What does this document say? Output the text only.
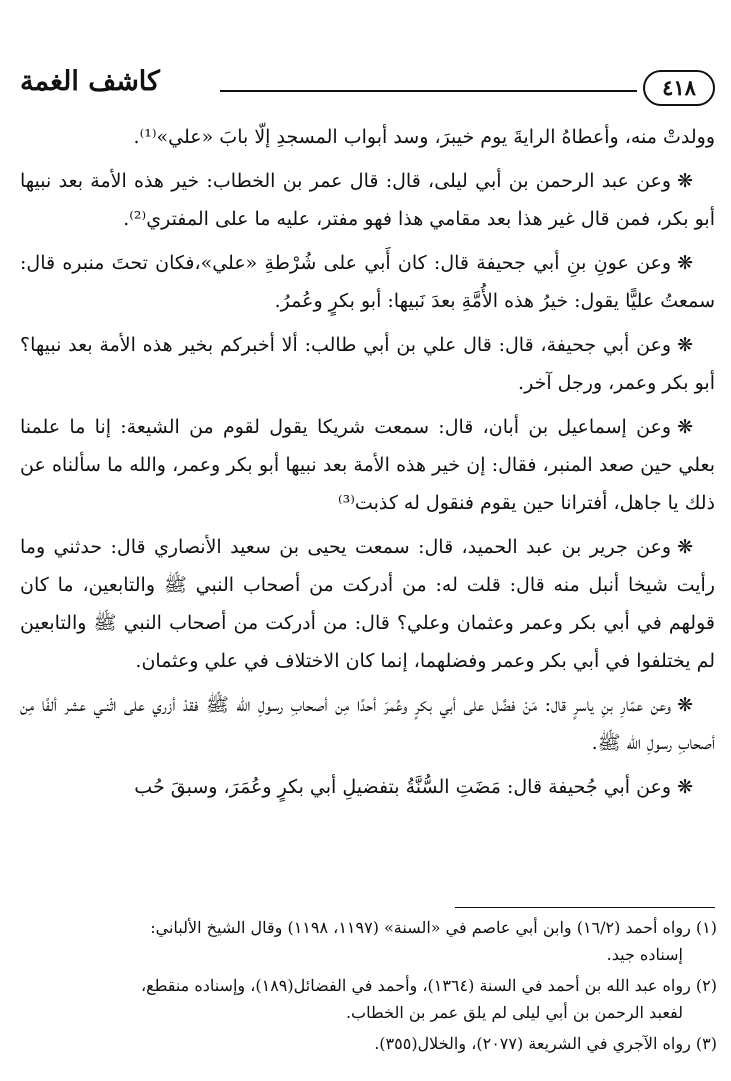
٤١٨
كاشف الغمة

وولدتْ منه، وأعطاهُ الرايةَ يوم خيبرَ، وسد أبواب المسجدِ إلّا بابَ «علي»⁽¹⁾.

❋وعن عبد الرحمن بن أبي ليلى، قال: قال عمر بن الخطاب: خير هذه الأمة بعد نبيها أبو بكر، فمن قال غير هذا بعد مقامي هذا فهو مفتر، عليه ما على المفتري⁽²⁾.

❋وعن عونِ بنِ أبي جحيفة قال: كان أَبي على شُرْطةِ «علي»،فكان تحتَ منبره قال: سمعتُ عليًّا يقول: خيرُ هذه الأُمَّةِ بعدَ نَبيها: أبو بكرٍ وعُمرُ.

❋وعن أبي جحيفة، قال: قال علي بن أبي طالب: ألا أخبركم بخير هذه الأمة بعد نبيها؟ أبو بكر وعمر، ورجل آخر.

❋وعن إسماعيل بن أبان، قال: سمعت شريكا يقول لقوم من الشيعة: إنا ما علمنا بعلي حين صعد المنبر، فقال: إن خير هذه الأمة بعد نبيها أبو بكر وعمر، والله ما سألناه عن ذلك يا جاهل، أفترانا حين يقوم فنقول له كذبت⁽³⁾

❋وعن جرير بن عبد الحميد، قال: سمعت يحيى بن سعيد الأنصاري قال: حدثني وما رأيت شيخا أنبل منه قال: قلت له: من أدركت من أصحاب النبي ﷺ والتابعين، ما كان قولهم في أبي بكر وعمر وعثمان وعلي؟ قال: من أدركت من أصحاب النبي ﷺ والتابعين لم يختلفوا في أبي بكر وعمر وفضلهما، إنما كان الاختلاف في علي وعثمان.

❋وعن عمّارِ بنِ ياسرٍ قال: مَنْ فضَّل على أبي بكرٍ وعُمرَ أحدًا مِن أصحابِ رسولِ الله ﷺ فقدْ أزري على اثْنـي عشر ألفًا مِن أصحابِ رسولِ الله ﷺ.

❋وعن أبي جُحيفة قال: مَضَتِ السُّنَّةُ بتفضيلِ أبي بكرٍ وعُمَرَ، وسبقَ حُب

(١) رواه أحمد (١٦/٢) وابن أبي عاصم في «السنة» (١١٩٧، ١١٩٨) وقال الشيخ الألباني:
إسناده جيد.
(٢) رواه عبد الله بن أحمد في السنة (١٣٦٤)، وأحمد في الفضائل(١٨٩)، وإسناده منقطع،
لفعبد الرحمن بن أبي ليلى لم يلق عمر بن الخطاب.
(٣) رواه الآجري في الشريعة (٢٠٧٧)، والخلال(٣٥٥).
